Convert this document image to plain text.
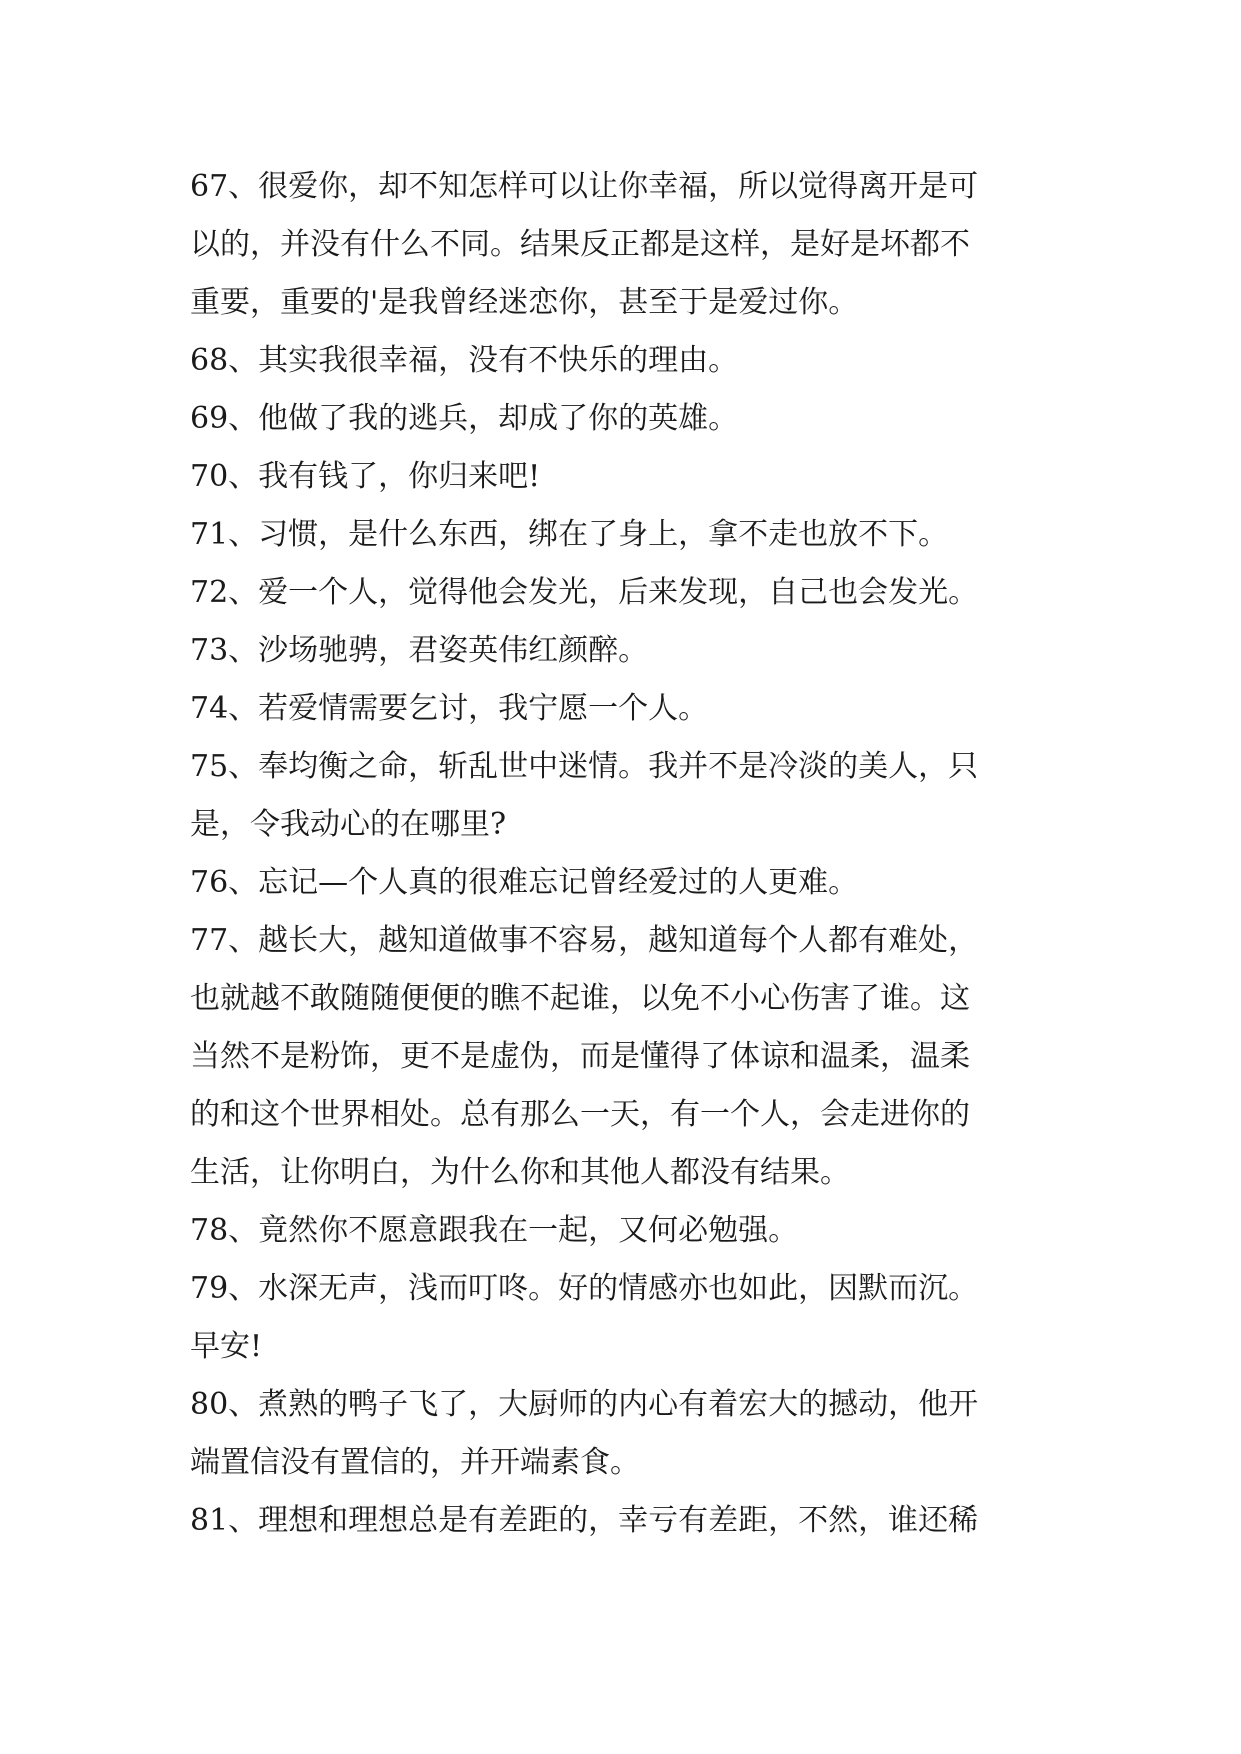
67、很爱你，却不知怎样可以让你幸福，所以觉得离开是可
以的，并没有什么不同。结果反正都是这样，是好是坏都不
重要，重要的'是我曾经迷恋你，甚至于是爱过你。
68、其实我很幸福，没有不快乐的理由。
69、他做了我的逃兵，却成了你的英雄。
70、我有钱了，你归来吧!
71、习惯，是什么东西，绑在了身上，拿不走也放不下。
72、爱一个人，觉得他会发光，后来发现，自己也会发光。
73、沙场驰骋，君姿英伟红颜醉。
74、若爱情需要乞讨，我宁愿一个人。
75、奉均衡之命，斩乱世中迷情。我并不是冷淡的美人，只
是，令我动心的在哪里?
76、忘记—个人真的很难忘记曾经爱过的人更难。
77、越长大，越知道做事不容易，越知道每个人都有难处，
也就越不敢随随便便的瞧不起谁，以免不小心伤害了谁。这
当然不是粉饰，更不是虚伪，而是懂得了体谅和温柔，温柔
的和这个世界相处。总有那么一天，有一个人，会走进你的
生活，让你明白，为什么你和其他人都没有结果。
78、竟然你不愿意跟我在一起，又何必勉强。
79、水深无声，浅而叮咚。好的情感亦也如此，因默而沉。
早安!
80、煮熟的鸭子飞了，大厨师的内心有着宏大的撼动，他开
端置信没有置信的，并开端素食。
81、理想和理想总是有差距的，幸亏有差距，不然，谁还稀
